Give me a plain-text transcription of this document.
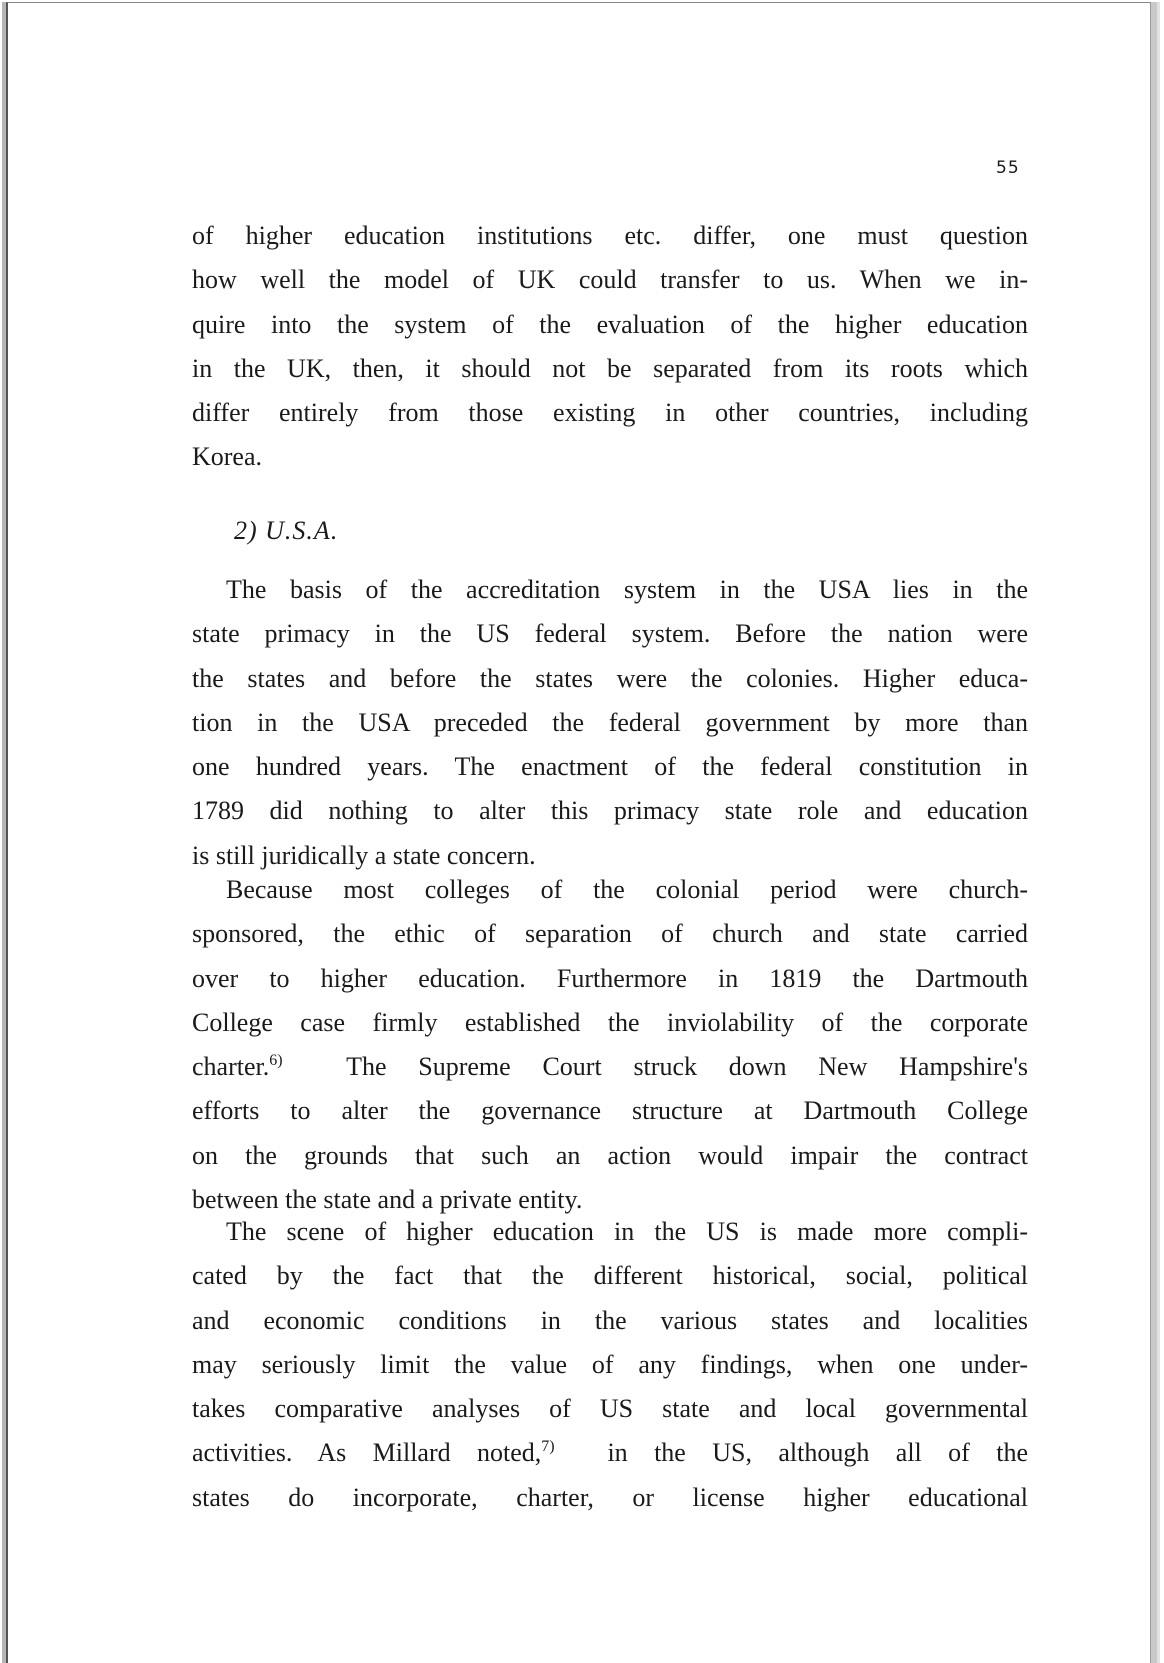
55
of higher education institutions etc. differ, one must question
how well the model of UK could transfer to us. When we in-
quire into the system of the evaluation of the higher education
in the UK, then, it should not be separated from its roots which
differ entirely from those existing in other countries, including
Korea.
2) U.S.A.
The basis of the accreditation system in the USA lies in the
state primacy in the US federal system. Before the nation were
the states and before the states were the colonies. Higher educa-
tion in the USA preceded the federal government by more than
one hundred years. The enactment of the federal constitution in
1789 did nothing to alter this primacy state role and education
is still juridically a state concern.
Because most colleges of the colonial period were church-
sponsored, the ethic of separation of church and state carried
over to higher education. Furthermore in 1819 the Dartmouth
College case firmly established the inviolability of the corporate
charter.$^{6)}$ The Supreme Court struck down New Hampshire's
efforts to alter the governance structure at Dartmouth College
on the grounds that such an action would impair the contract
between the state and a private entity.
The scene of higher education in the US is made more compli-
cated by the fact that the different historical, social, political
and economic conditions in the various states and localities
may seriously limit the value of any findings, when one under-
takes comparative analyses of US state and local governmental
activities. As Millard noted,$^{7)}$ in the US, although all of the
states do incorporate, charter, or license higher educational
